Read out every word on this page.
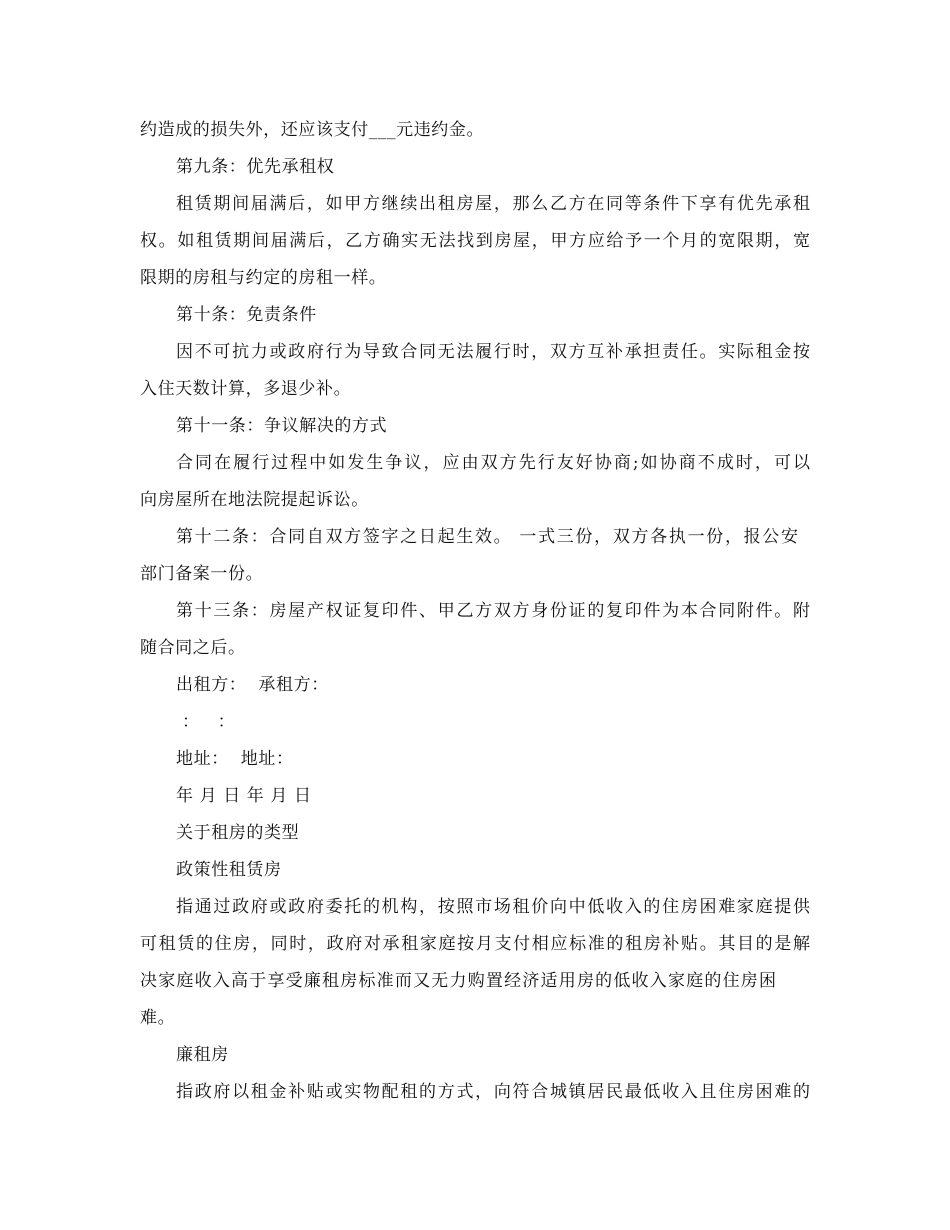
约造成的损失外，还应该支付___元违约金。
第九条：优先承租权
租赁期间届满后，如甲方继续出租房屋，那么乙方在同等条件下享有优先承租
权。如租赁期间届满后，乙方确实无法找到房屋，甲方应给予一个月的宽限期，宽
限期的房租与约定的房租一样。
第十条：免责条件
因不可抗力或政府行为导致合同无法履行时，双方互补承担责任。实际租金按
入住天数计算，多退少补。
第十一条：争议解决的方式
合同在履行过程中如发生争议，应由双方先行友好协商;如协商不成时，可以
向房屋所在地法院提起诉讼。
第十二条：合同自双方签字之日起生效。 一式三份，双方各执一份，报公安
部门备案一份。
第十三条：房屋产权证复印件、甲乙方双方身份证的复印件为本合同附件。附
随合同之后。
出租方：  承租方：
：   ：
地址：  地址：
年 月 日 年 月 日
关于租房的类型
政策性租赁房
指通过政府或政府委托的机构，按照市场租价向中低收入的住房困难家庭提供
可租赁的住房，同时，政府对承租家庭按月支付相应标准的租房补贴。其目的是解
决家庭收入高于享受廉租房标准而又无力购置经济适用房的低收入家庭的住房困
难。
廉租房
指政府以租金补贴或实物配租的方式，向符合城镇居民最低收入且住房困难的
